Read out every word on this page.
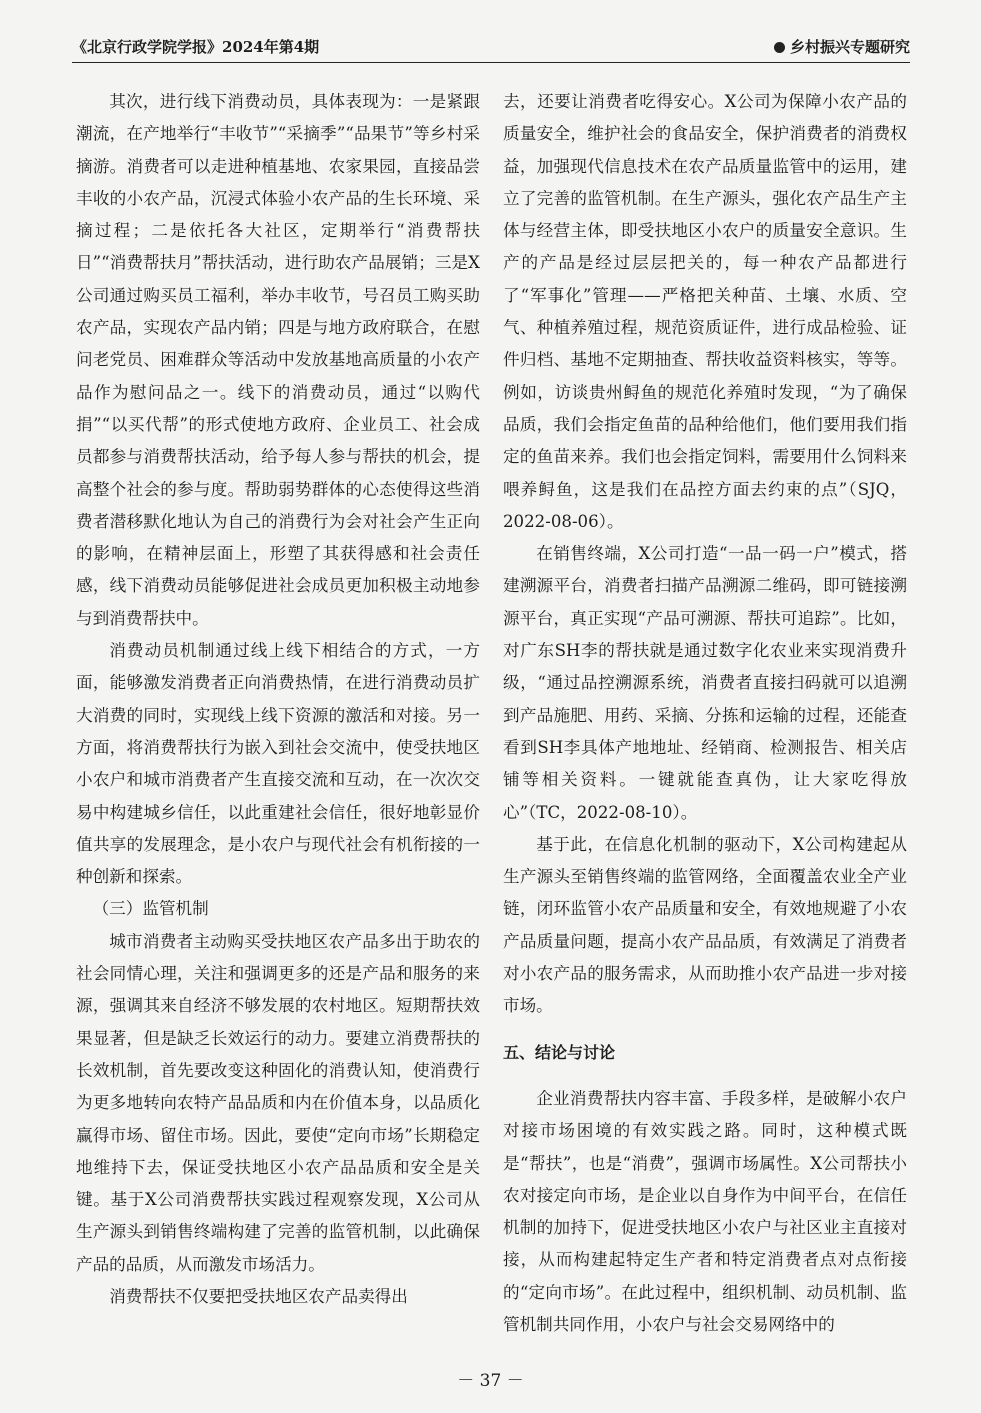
《北京行政学院学报》2024年第4期	乡村振兴专题研究

其次，进行线下消费动员，具体表现为：一是紧跟潮流，在产地举行“丰收节”“采摘季”“品果节”等乡村采摘游。消费者可以走进种植基地、农家果园，直接品尝丰收的小农产品，沉浸式体验小农产品的生长环境、采摘过程；二是依托各大社区，定期举行“消费帮扶日”“消费帮扶月”帮扶活动，进行助农产品展销；三是X公司通过购买员工福利，举办丰收节，号召员工购买助农产品，实现农产品内销；四是与地方政府联合，在慰问老党员、困难群众等活动中发放基地高质量的小农产品作为慰问品之一。线下的消费动员，通过“以购代捐”“以买代帮”的形式使地方政府、企业员工、社会成员都参与消费帮扶活动，给予每人参与帮扶的机会，提高整个社会的参与度。帮助弱势群体的心态使得这些消费者潜移默化地认为自己的消费行为会对社会产生正向的影响，在精神层面上，形塑了其获得感和社会责任感，线下消费动员能够促进社会成员更加积极主动地参与到消费帮扶中。

消费动员机制通过线上线下相结合的方式，一方面，能够激发消费者正向消费热情，在进行消费动员扩大消费的同时，实现线上线下资源的激活和对接。另一方面，将消费帮扶行为嵌入到社会交流中，使受扶地区小农户和城市消费者产生直接交流和互动，在一次次交易中构建城乡信任，以此重建社会信任，很好地彰显价值共享的发展理念，是小农户与现代社会有机衔接的一种创新和探索。

（三）监管机制

城市消费者主动购买受扶地区农产品多出于助农的社会同情心理，关注和强调更多的还是产品和服务的来源，强调其来自经济不够发展的农村地区。短期帮扶效果显著，但是缺乏长效运行的动力。要建立消费帮扶的长效机制，首先要改变这种固化的消费认知，使消费行为更多地转向农特产品品质和内在价值本身，以品质化赢得市场、留住市场。因此，要使“定向市场”长期稳定地维持下去，保证受扶地区小农产品品质和安全是关键。基于X公司消费帮扶实践过程观察发现，X公司从生产源头到销售终端构建了完善的监管机制，以此确保产品的品质，从而激发市场活力。

消费帮扶不仅要把受扶地区农产品卖得出

去，还要让消费者吃得安心。X公司为保障小农产品的质量安全，维护社会的食品安全，保护消费者的消费权益，加强现代信息技术在农产品质量监管中的运用，建立了完善的监管机制。在生产源头，强化农产品生产主体与经营主体，即受扶地区小农户的质量安全意识。生产的产品是经过层层把关的，每一种农产品都进行了“军事化”管理——严格把关种苗、土壤、水质、空气、种植养殖过程，规范资质证件，进行成品检验、证件归档、基地不定期抽查、帮扶收益资料核实，等等。例如，访谈贵州鲟鱼的规范化养殖时发现，“为了确保品质，我们会指定鱼苗的品种给他们，他们要用我们指定的鱼苗来养。我们也会指定饲料，需要用什么饲料来喂养鲟鱼，这是我们在品控方面去约束的点”（SJQ，2022-08-06）。

在销售终端，X公司打造“一品一码一户”模式，搭建溯源平台，消费者扫描产品溯源二维码，即可链接溯源平台，真正实现“产品可溯源、帮扶可追踪”。比如，对广东SH李的帮扶就是通过数字化农业来实现消费升级，“通过品控溯源系统，消费者直接扫码就可以追溯到产品施肥、用药、采摘、分拣和运输的过程，还能查看到SH李具体产地地址、经销商、检测报告、相关店铺等相关资料。一键就能查真伪，让大家吃得放心”（TC，2022-08-10）。

基于此，在信息化机制的驱动下，X公司构建起从生产源头至销售终端的监管网络，全面覆盖农业全产业链，闭环监管小农产品质量和安全，有效地规避了小农产品质量问题，提高小农产品品质，有效满足了消费者对小农产品的服务需求，从而助推小农产品进一步对接市场。

五、结论与讨论

企业消费帮扶内容丰富、手段多样，是破解小农户对接市场困境的有效实践之路。同时，这种模式既是“帮扶”，也是“消费”，强调市场属性。X公司帮扶小农对接定向市场，是企业以自身作为中间平台，在信任机制的加持下，促进受扶地区小农户与社区业主直接对接，从而构建起特定生产者和特定消费者点对点衔接的“定向市场”。在此过程中，组织机制、动员机制、监管机制共同作用，小农户与社会交易网络中的

－ 37 －
